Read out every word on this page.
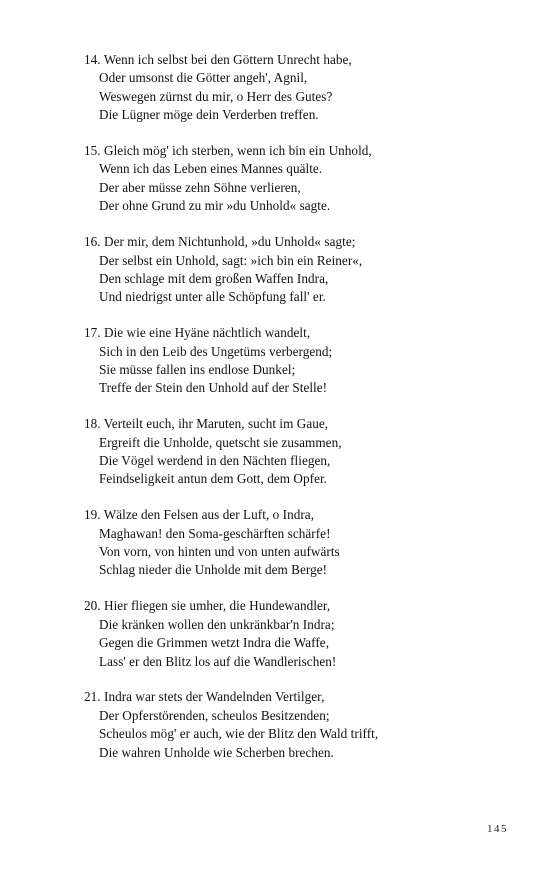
14. Wenn ich selbst bei den Göttern Unrecht habe,
Oder umsonst die Götter angeh', Agnil,
Weswegen zürnst du mir, o Herr des Gutes?
Die Lügner möge dein Verderben treffen.
15. Gleich mög' ich sterben, wenn ich bin ein Unhold,
Wenn ich das Leben eines Mannes quälte.
Der aber müsse zehn Söhne verlieren,
Der ohne Grund zu mir »du Unhold« sagte.
16. Der mir, dem Nichtunhold, »du Unhold« sagte;
Der selbst ein Unhold, sagt: »ich bin ein Reiner«,
Den schlage mit dem großen Waffen Indra,
Und niedrigst unter alle Schöpfung fall' er.
17. Die wie eine Hyäne nächtlich wandelt,
Sich in den Leib des Ungetüms verbergend;
Sie müsse fallen ins endlose Dunkel;
Treffe der Stein den Unhold auf der Stelle!
18. Verteilt euch, ihr Maruten, sucht im Gaue,
Ergreift die Unholde, quetscht sie zusammen,
Die Vögel werdend in den Nächten fliegen,
Feindseligkeit antun dem Gott, dem Opfer.
19. Wälze den Felsen aus der Luft, o Indra,
Maghawan! den Soma-geschärften schärfe!
Von vorn, von hinten und von unten aufwärts
Schlag nieder die Unholde mit dem Berge!
20. Hier fliegen sie umher, die Hundewandler,
Die kränken wollen den unkränkbar'n Indra;
Gegen die Grimmen wetzt Indra die Waffe,
Lass' er den Blitz los auf die Wandlerischen!
21. Indra war stets der Wandelnden Vertilger,
Der Opferstörenden, scheulos Besitzenden;
Scheulos mög' er auch, wie der Blitz den Wald trifft,
Die wahren Unholde wie Scherben brechen.
145
